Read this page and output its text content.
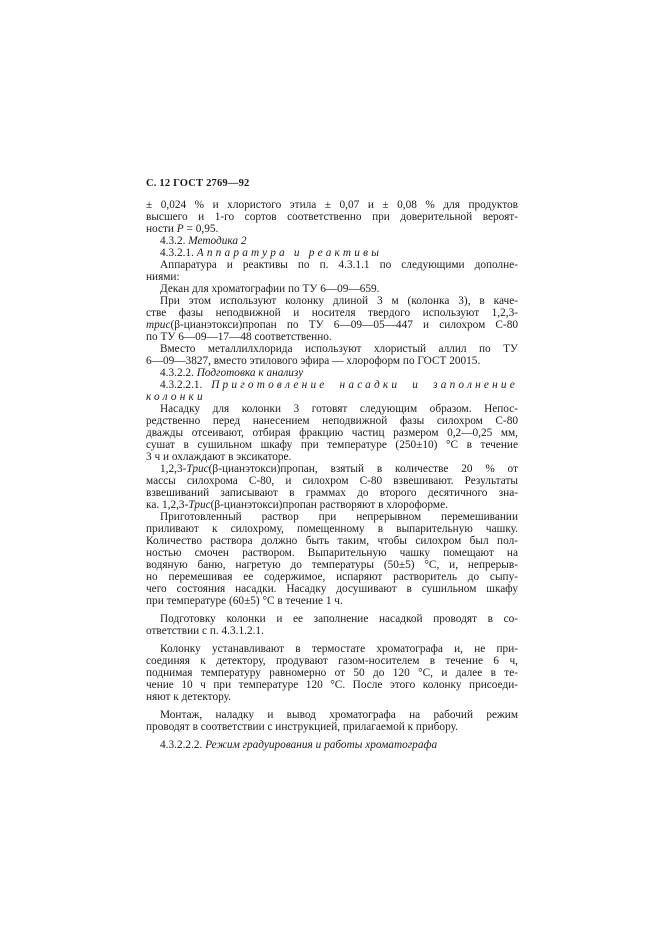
С. 12 ГОСТ 2769—92
± 0,024 % и хлористого этила ± 0,07 и ± 0,08 % для продуктов
высшего и 1-го сортов соответственно при доверительной вероят-
ности P = 0,95.
4.3.2. Методика 2
4.3.2.1. Аппаратура и реактивы
Аппаратура и реактивы по п. 4.3.1.1 по следующими дополне-
ниями:
Декан для хроматографии по ТУ 6—09—659.
При этом используют колонку длиной 3 м (колонка 3), в каче-
стве фазы неподвижной и носителя твердого используют 1,2,3-
трис(β-цианэтокси)пропан по ТУ 6—09—05—447 и силохром С-80
по ТУ 6—09—17—48 соответственно.
Вместо металлилхлорида используют хлористый аллил по ТУ
6—09—3827, вместо этилового эфира — хлороформ по ГОСТ 20015.
4.3.2.2. Подготовка к анализу
4.3.2.2.1. Приготовление насадки и заполнение
колонки
Насадку для колонки 3 готовят следующим образом. Непос-
редственно перед нанесением неподвижной фазы силохром С-80
дважды отсеивают, отбирая фракцию частиц размером 0,2—0,25 мм,
сушат в сушильном шкафу при температуре (250±10) °С в течение
3 ч и охлаждают в эксикаторе.
1,2,3-Трис(β-цианэтокси)пропан, взятый в количестве 20 % от
массы силохрома С-80, и силохром С-80 взвешивают. Результаты
взвешиваний записывают в граммах до второго десятичного зна-
ка. 1,2,3-Трис(β-цианэтокси)пропан растворяют в хлороформе.
Приготовленный раствор при непрерывном перемешивании
приливают к силохрому, помещенному в выпарительную чашку.
Количество раствора должно быть таким, чтобы силохром был пол-
ностью смочен раствором. Выпарительную чашку помещают на
водяную баню, нагретую до температуры (50±5) °С, и, непрерыв-
но перемешивая ее содержимое, испаряют растворитель до сыпу-
чего состояния насадки. Насадку досушивают в сушильном шкафу
при температуре (60±5) °С в течение 1 ч.
Подготовку колонки и ее заполнение насадкой проводят в со-
ответствии с п. 4.3.1.2.1.
Колонку устанавливают в термостате хроматографа и, не при-
соединяя к детектору, продувают газом-носителем в течение 6 ч,
поднимая температуру равномерно от 50 до 120 °С, и далее в те-
чение 10 ч при температуре 120 °С. После этого колонку присоеди-
няют к детектору.
Монтаж, наладку и вывод хроматографа на рабочий режим
проводят в соответствии с инструкцией, прилагаемой к прибору.
4.3.2.2.2. Режим градуирования и работы хроматографа
